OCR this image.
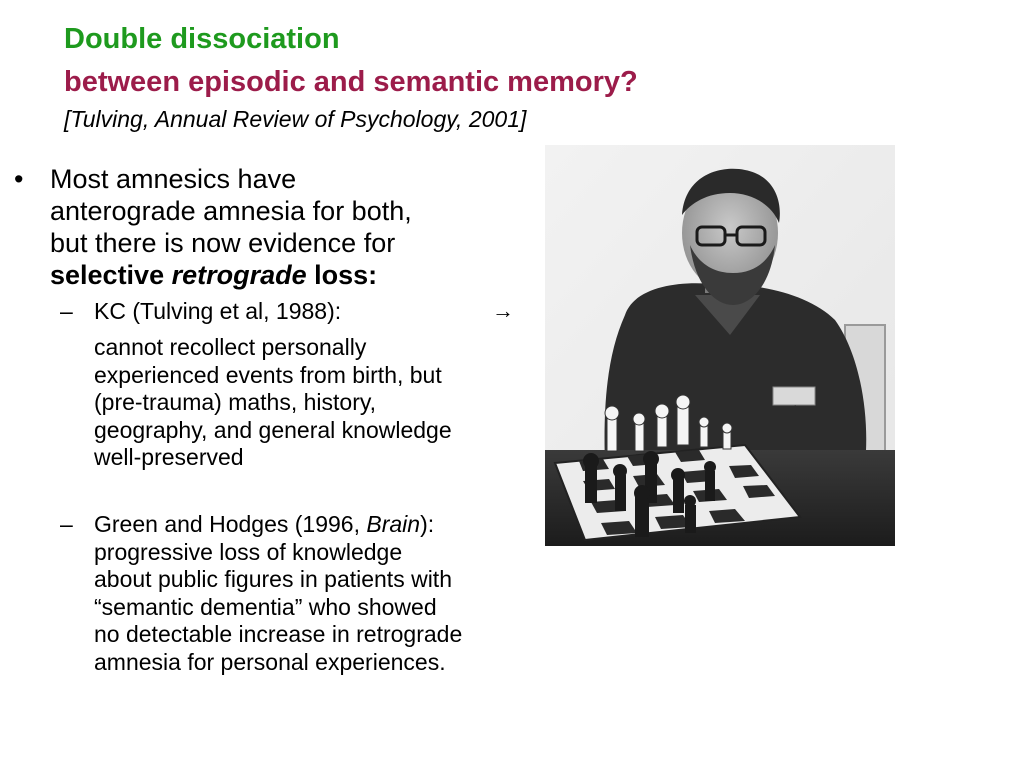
Double dissociation
between episodic and semantic memory?
[Tulving, Annual Review of Psychology, 2001]
• Most amnesics have
anterograde amnesia for both,
but there is now evidence for
selective retrograde loss:
– KC (Tulving et al, 1988):	→
cannot recollect personally
experienced events from birth, but
(pre-trauma) maths, history,
geography, and general knowledge
well-preserved
– Green and Hodges (1996, Brain):
progressive loss of knowledge
about public figures in patients with
“semantic dementia” who showed
no detectable increase in retrograde
amnesia for personal experiences.
